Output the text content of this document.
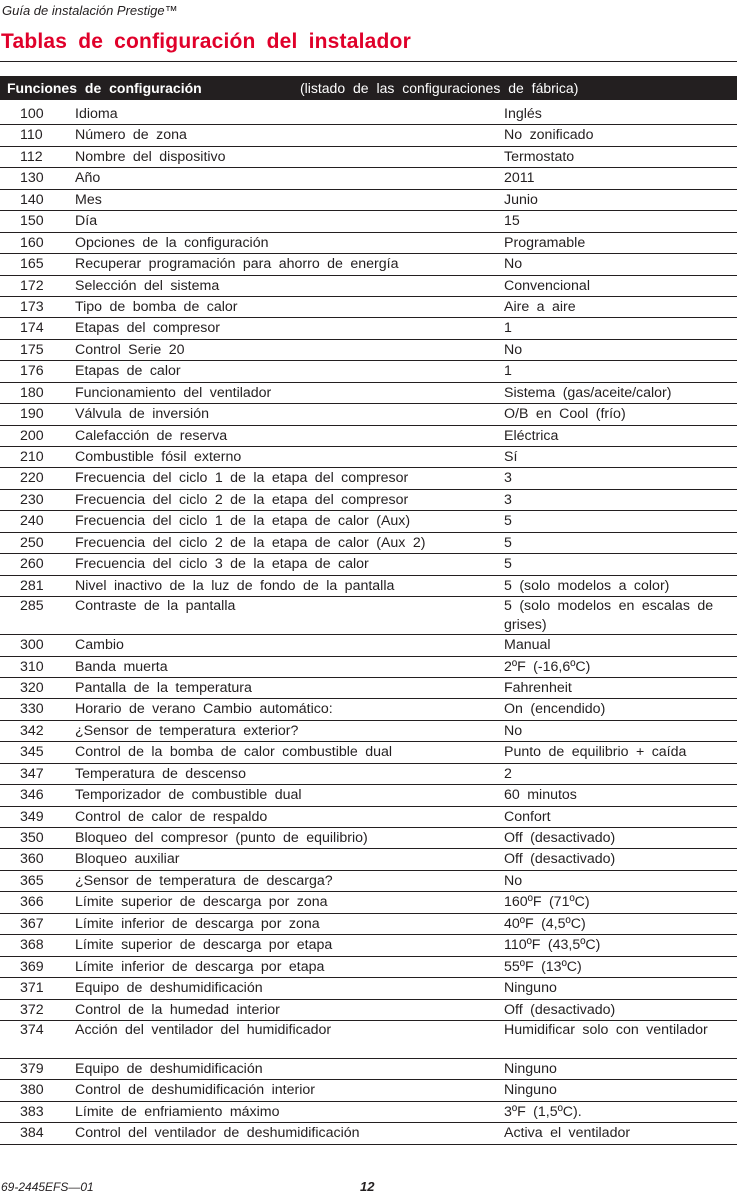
Guía de instalación Prestige™
Tablas de configuración del instalador
Funciones de configuración	(listado de las configuraciones de fábrica)
100	Idioma	Inglés
110	Número de zona	No zonificado
112	Nombre del dispositivo	Termostato
130	Año	2011
140	Mes	Junio
150	Día	15
160	Opciones de la configuración	Programable
165	Recuperar programación para ahorro de energía	No
172	Selección del sistema	Convencional
173	Tipo de bomba de calor	Aire a aire
174	Etapas del compresor	1
175	Control Serie 20	No
176	Etapas de calor	1
180	Funcionamiento del ventilador	Sistema (gas/aceite/calor)
190	Válvula de inversión	O/B en Cool (frío)
200	Calefacción de reserva	Eléctrica
210	Combustible fósil externo	Sí
220	Frecuencia del ciclo 1 de la etapa del compresor	3
230	Frecuencia del ciclo 2 de la etapa del compresor	3
240	Frecuencia del ciclo 1 de la etapa de calor (Aux)	5
250	Frecuencia del ciclo 2 de la etapa de calor (Aux 2)	5
260	Frecuencia del ciclo 3 de la etapa de calor	5
281	Nivel inactivo de la luz de fondo de la pantalla	5 (solo modelos a color)
285	Contraste de la pantalla	5 (solo modelos en escalas de grises)
300	Cambio	Manual
310	Banda muerta	2ºF (-16,6ºC)
320	Pantalla de la temperatura	Fahrenheit
330	Horario de verano Cambio automático:	On (encendido)
342	¿Sensor de temperatura exterior?	No
345	Control de la bomba de calor combustible dual	Punto de equilibrio + caída
347	Temperatura de descenso	2
346	Temporizador de combustible dual	60 minutos
349	Control de calor de respaldo	Confort
350	Bloqueo del compresor (punto de equilibrio)	Off (desactivado)
360	Bloqueo auxiliar	Off (desactivado)
365	¿Sensor de temperatura de descarga?	No
366	Límite superior de descarga por zona	160ºF (71ºC)
367	Límite inferior de descarga por zona	40ºF (4,5ºC)
368	Límite superior de descarga por etapa	110ºF (43,5ºC)
369	Límite inferior de descarga por etapa	55ºF (13ºC)
371	Equipo de deshumidificación	Ninguno
372	Control de la humedad interior	Off (desactivado)
374	Acción del ventilador del humidificador	Humidificar solo con ventilador
379	Equipo de deshumidificación	Ninguno
380	Control de deshumidificación interior	Ninguno
383	Límite de enfriamiento máximo	3ºF (1,5ºC).
384	Control del ventilador de deshumidificación	Activa el ventilador
69-2445EFS—01	12
